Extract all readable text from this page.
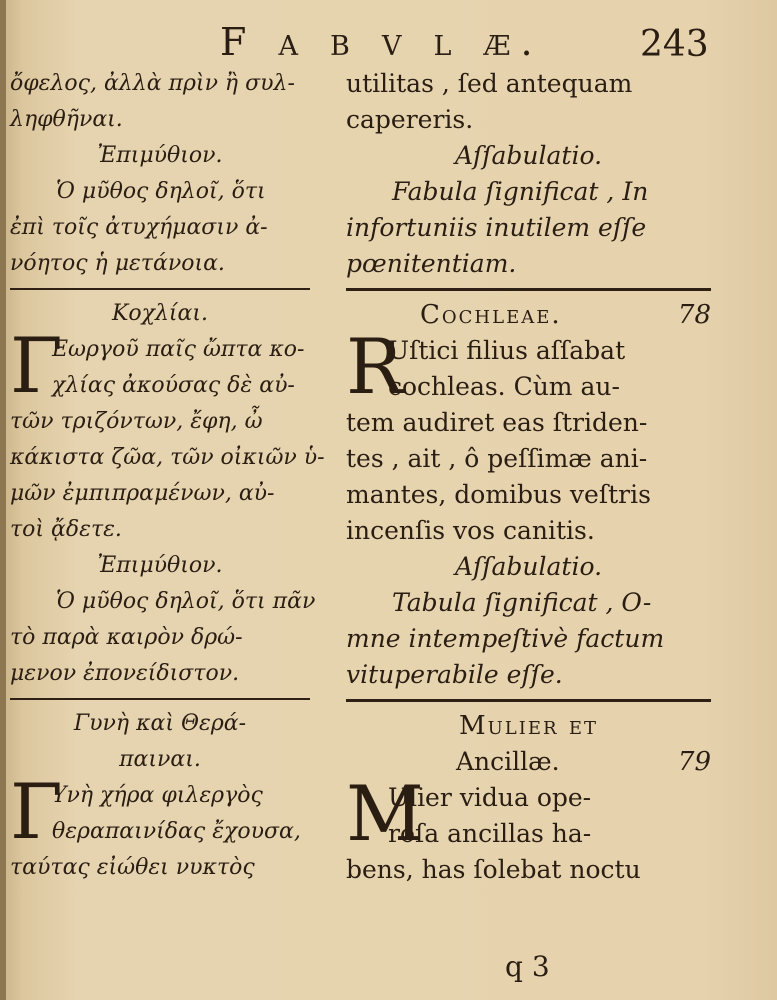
F a b v l æ.	243
ὄφελος, ἀλλὰ πρὶν ἢ συλ-
ληφθῆναι.
Ἐπιμύθιον.
Ὁ μῦθος δηλοῖ, ὅτι
ἐπὶ τοῖς ἀτυχήμασιν ἀ-
νόητος ἡ μετάνοια.
Κοχλίαι.
Γ
Εωργοῦ παῖς ὤπτα κο-
χλίας ἀκούσας δὲ αὐ-
τῶν τριζόντων, ἔφη, ὦ
κάκιστα ζῶα, τῶν οἰκιῶν ὑ-
μῶν ἐμπιπραμένων, αὐ-
τοὶ ᾄδετε.
Ἐπιμύθιον.
Ὁ μῦθος δηλοῖ, ὅτι πᾶν
τὸ παρὰ καιρὸν δρώ-
μενον ἐπονείδιστον.
Γυνὴ καὶ Θερά-
παιναι.
Γ
Υνὴ χήρα φιλεργὸς
θεραπαινίδας ἔχουσα,
ταύτας εἰώθει νυκτὸς
utilitas , ſed antequam
capereris.
Aſſabulatio.
Fabula ſignificat , In
infortuniis inutilem eſſe
pœnitentiam.
Cochleae.	78
R
Uſtici filius aſſabat
cochleas. Cùm au-
tem audiret eas ſtriden-
tes , ait , ô peſſimæ ani-
mantes, domibus veſtris
incenſis vos canitis.
Aſſabulatio.
Tabula ſignificat , O-
mne intempeſtivè factum
vituperabile eſſe.
Mulier et
Ancillæ.	79
M
Ulier vidua ope-
roſa ancillas ha-
bens, has ſolebat noctu
q 3
